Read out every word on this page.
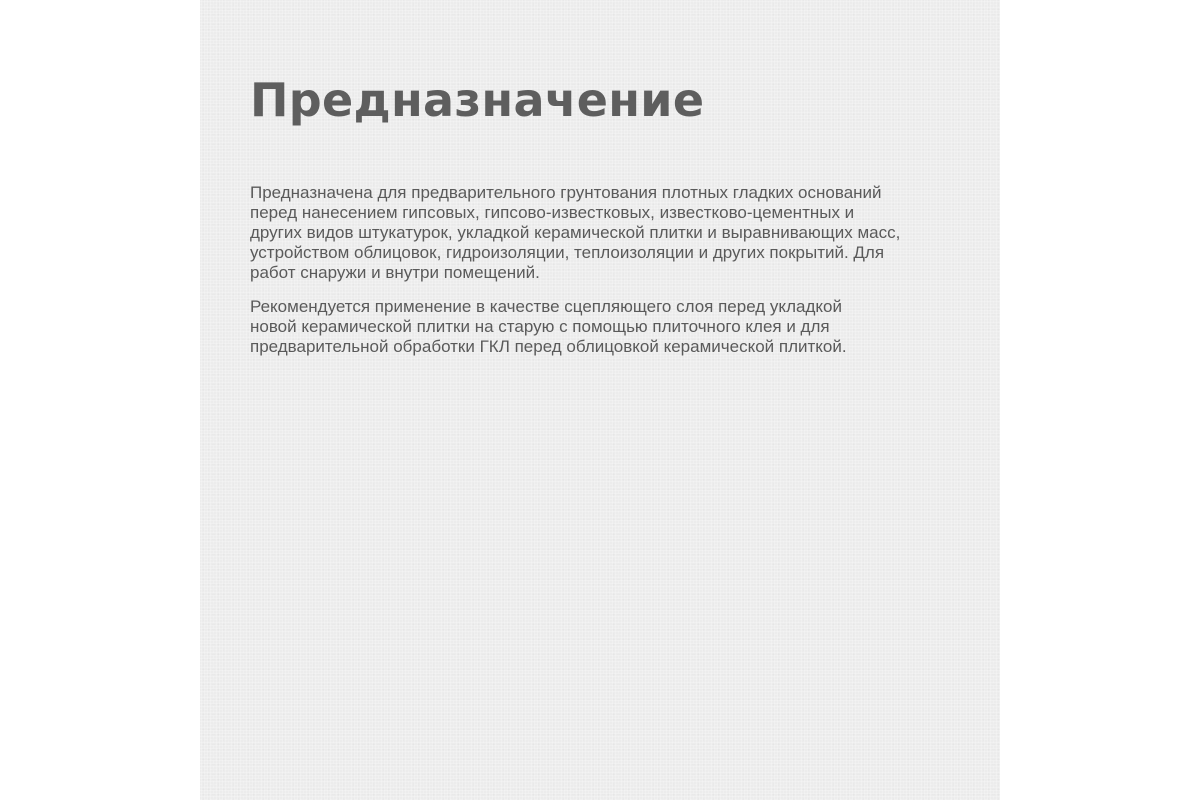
Предназначение

Предназначена для предварительного грунтования плотных гладких оснований
перед нанесением гипсовых, гипсово-известковых, известково-цементных и
других видов штукатурок, укладкой керамической плитки и выравнивающих масс,
устройством облицовок, гидроизоляции, теплоизоляции и других покрытий. Для
работ снаружи и внутри помещений.

Рекомендуется применение в качестве сцепляющего слоя перед укладкой
новой керамической плитки на старую с помощью плиточного клея и для
предварительной обработки ГКЛ перед облицовкой керамической плиткой.
